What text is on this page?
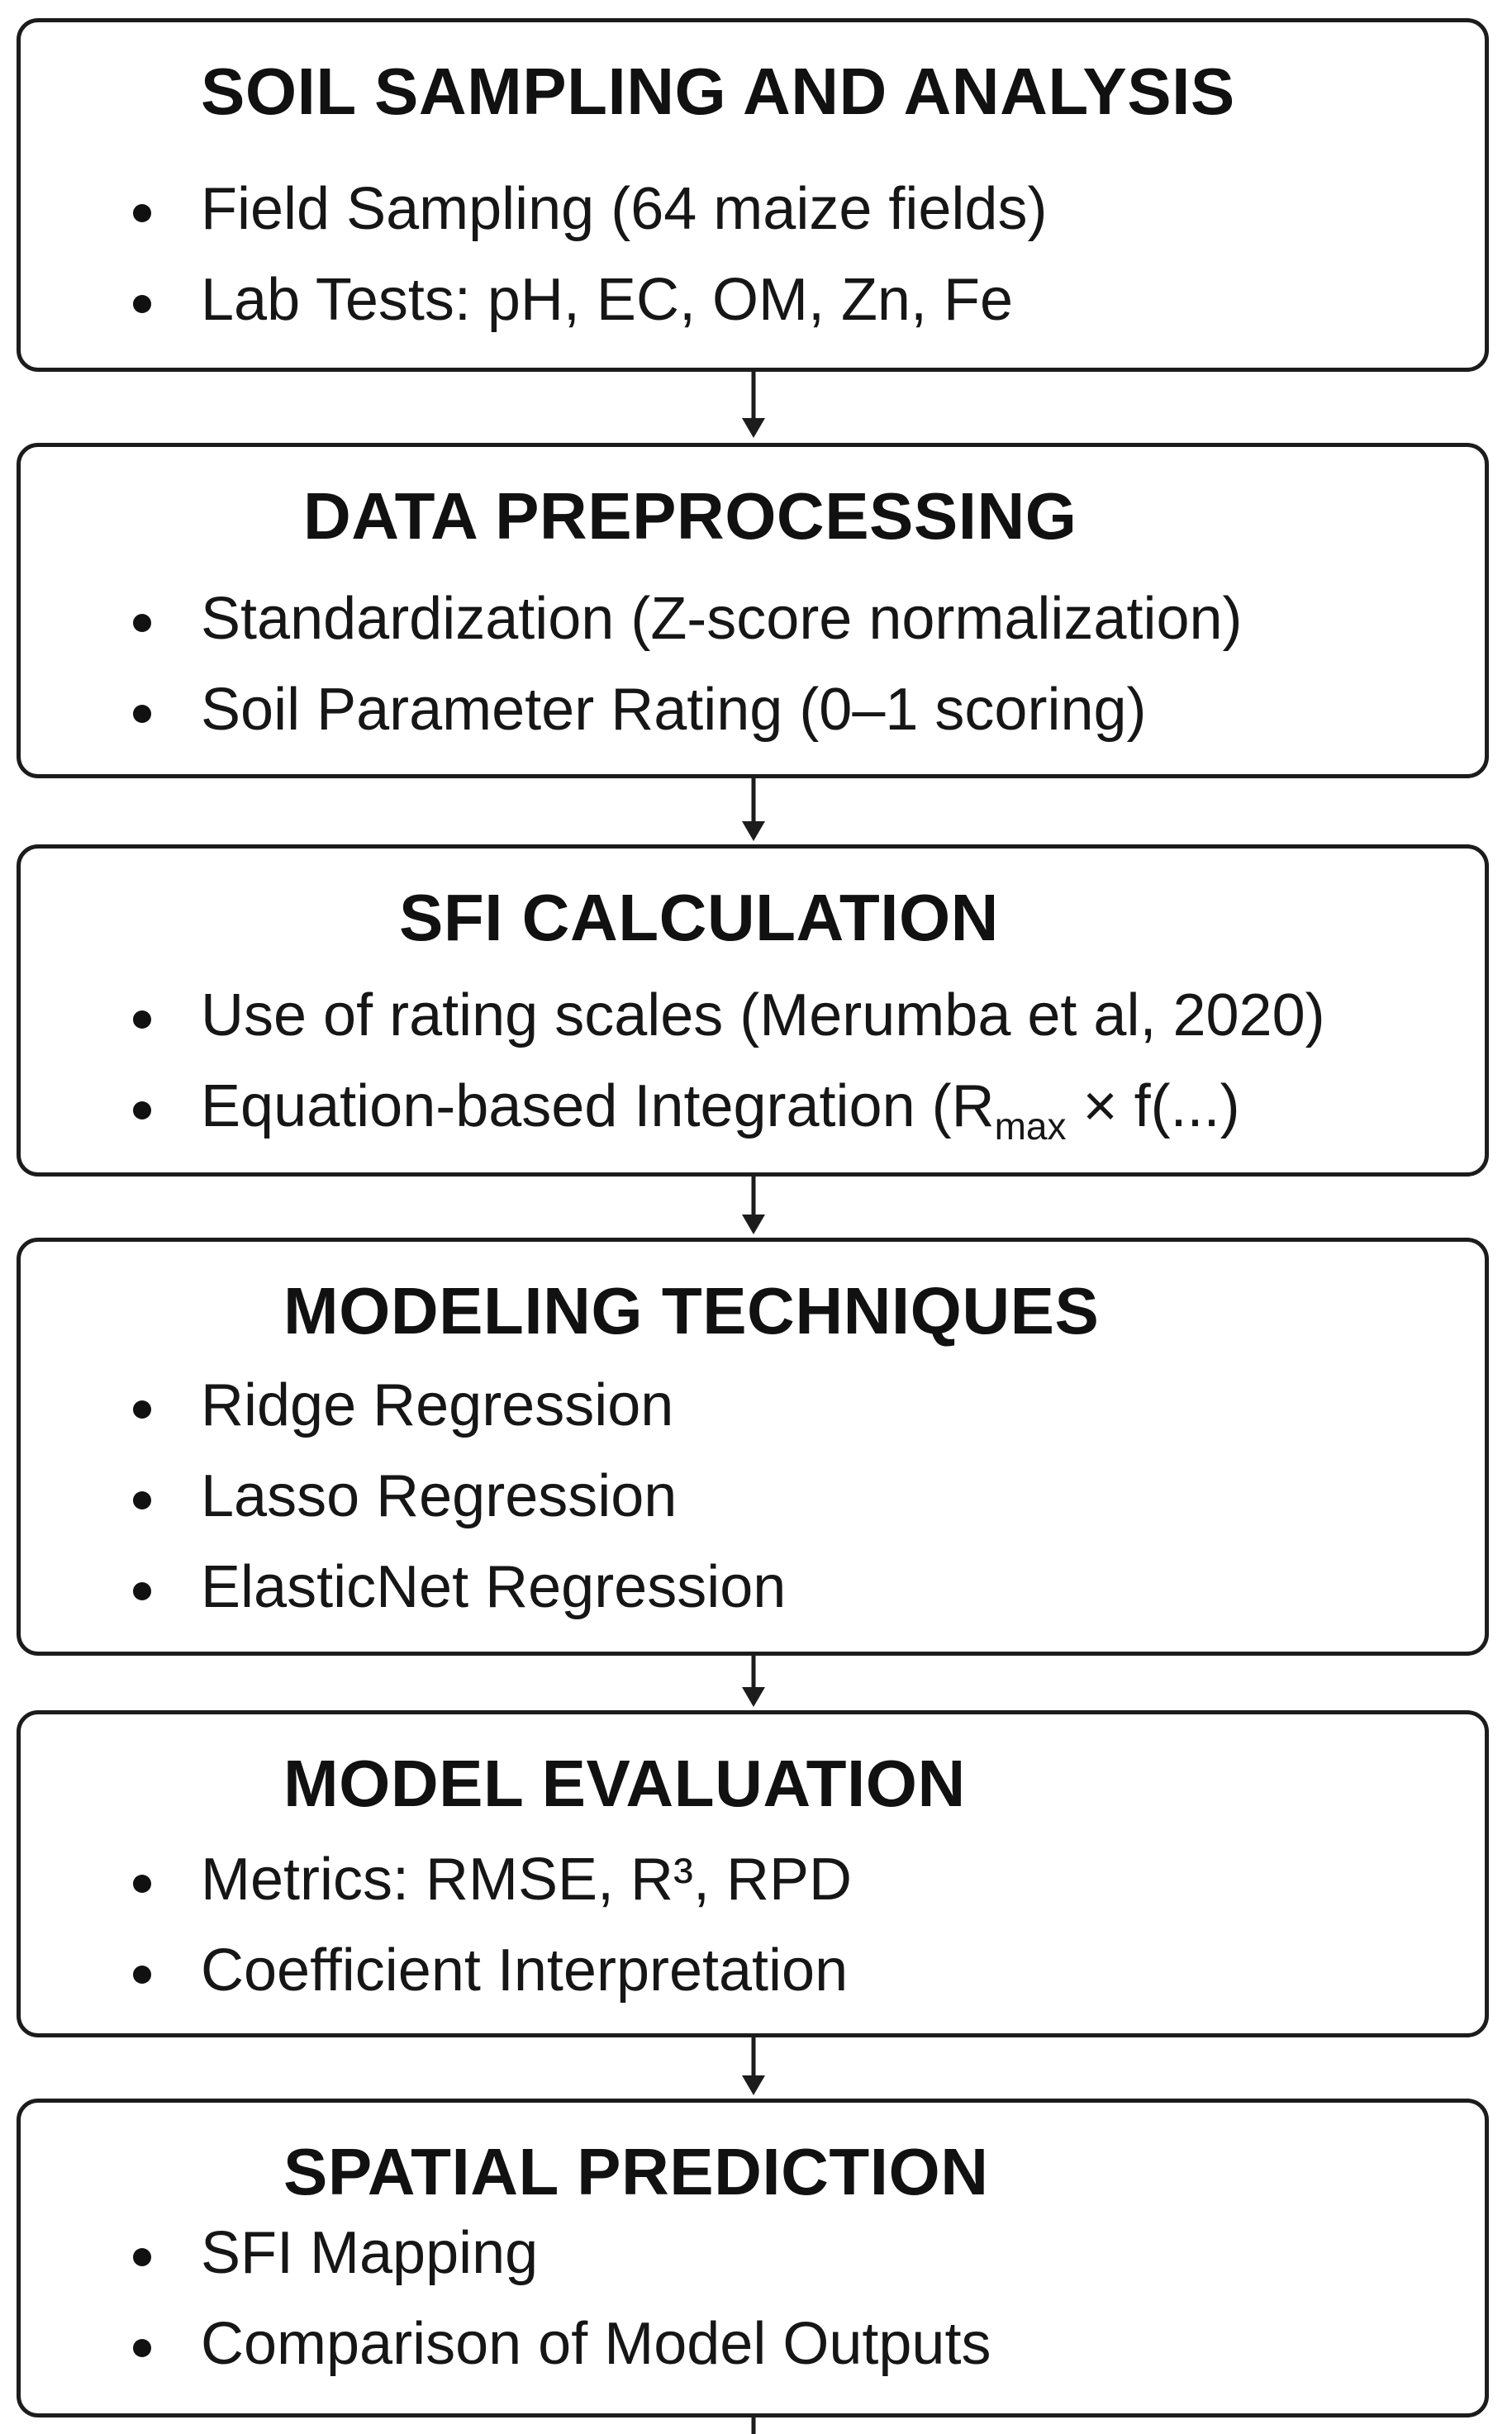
SOIL SAMPLING AND ANALYSIS
Field Sampling (64 maize fields)
Lab Tests: pH, EC, OM, Zn, Fe
DATA PREPROCESSING
Standardization (Z-score normalization)
Soil Parameter Rating (0–1 scoring)
SFI CALCULATION
Use of rating scales (Merumba et al, 2020)
Equation-based Integration ($R_{max} \times f(...)$
MODELING TECHNIQUES
Ridge Regression
Lasso Regression
ElasticNet Regression
MODEL EVALUATION
Metrics: RMSE, R³, RPD
Coefficient Interpretation
SPATIAL PREDICTION
SFI Mapping
Comparison of Model Outputs
